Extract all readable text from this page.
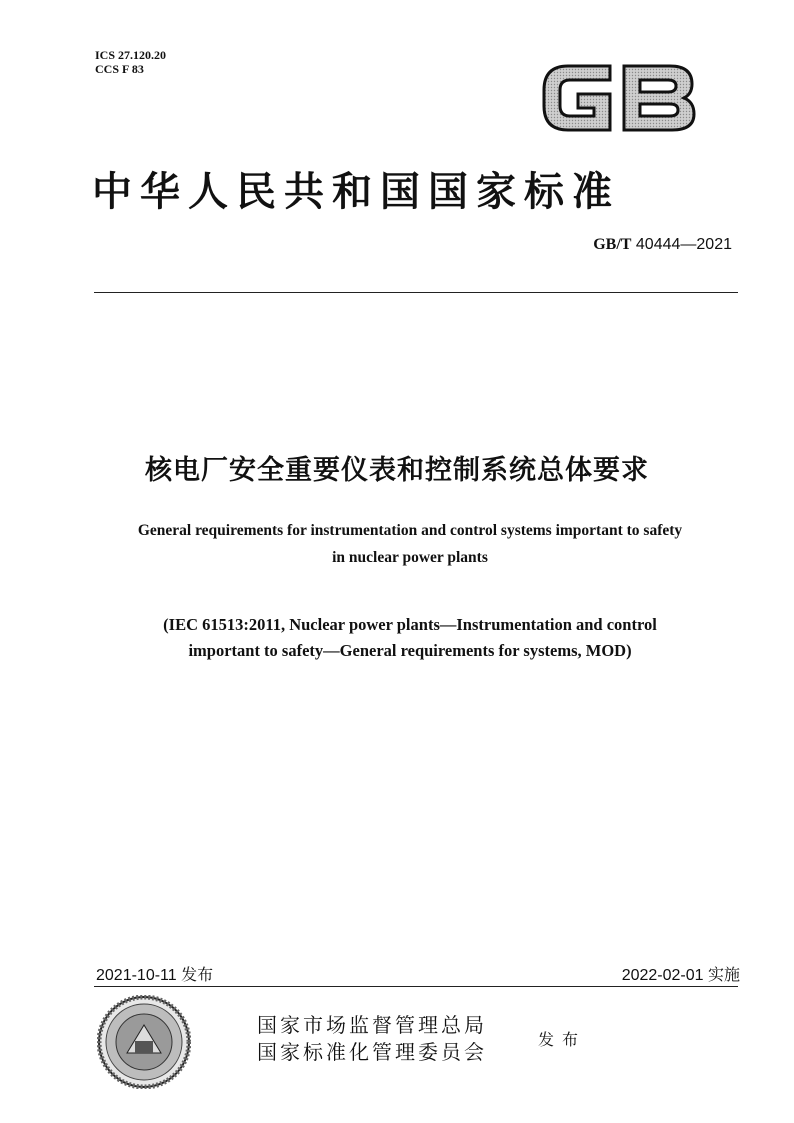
ICS 27.120.20
CCS F 83
中华人民共和国国家标准
GB/T 40444—2021
核电厂安全重要仪表和控制系统总体要求
General requirements for instrumentation and control systems important to safety
in nuclear power plants
(IEC 61513:2011, Nuclear power plants—Instrumentation and control
important to safety—General requirements for systems, MOD)
2021-10-11 发布	2022-02-01 实施
国家市场监督管理总局
国家标准化管理委员会
发布
